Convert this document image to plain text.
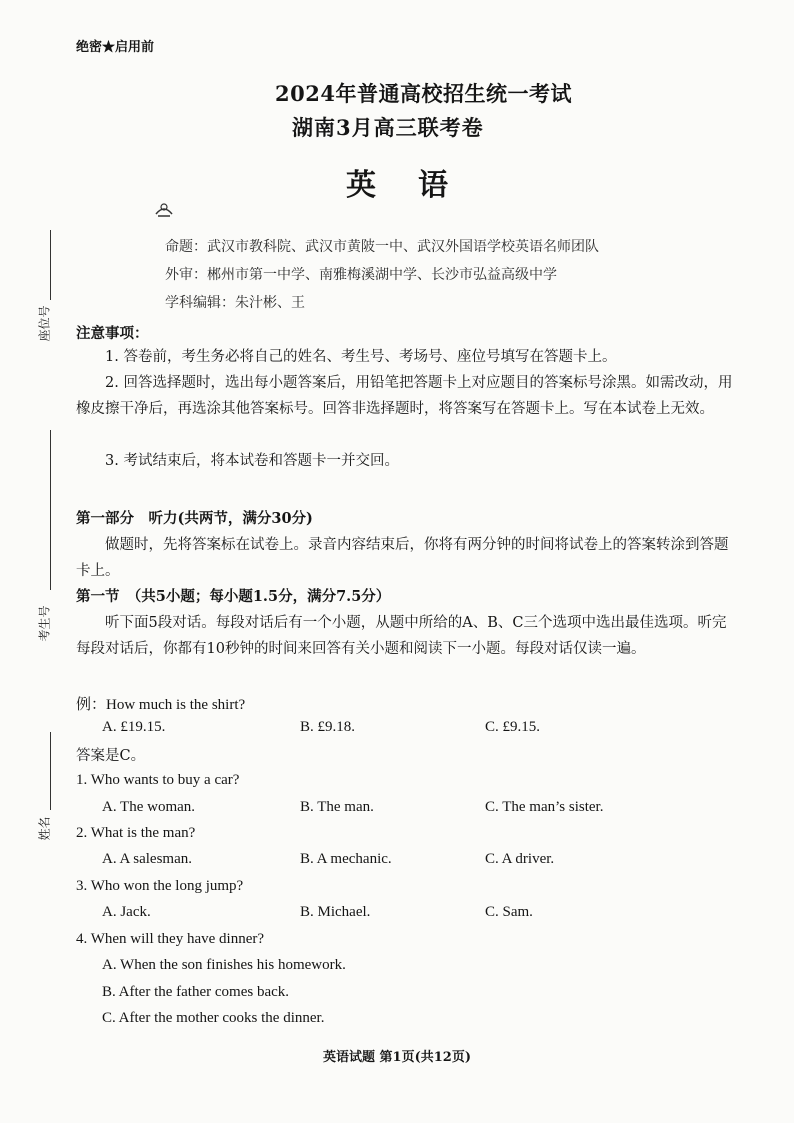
绝密★启用前
2024年普通高校招生统一考试
湖南3月高三联考卷
英语
命题：武汉市教科院、武汉市黄陂一中、武汉外国语学校英语名师团队
外审：郴州市第一中学、南雅梅溪湖中学、长沙市弘益高级中学
学科编辑：朱汁彬、王
座位号
考生号
姓名
注意事项：
1. 答卷前，考生务必将自己的姓名、考生号、考场号、座位号填写在答题卡上。
2. 回答选择题时，选出每小题答案后，用铅笔把答题卡上对应题目的答案标号涂黑。如需改动，用橡皮擦干净后，再选涂其他答案标号。回答非选择题时，将答案写在答题卡上。写在本试卷上无效。
3. 考试结束后，将本试卷和答题卡一并交回。
第一部分　听力(共两节，满分30分)
做题时，先将答案标在试卷上。录音内容结束后，你将有两分钟的时间将试卷上的答案转涂到答题卡上。
第一节　（共5小题；每小题1.5分，满分7.5分）
听下面5段对话。每段对话后有一个小题，从题中所给的A、B、C三个选项中选出最佳选项。听完每段对话后，你都有10秒钟的时间来回答有关小题和阅读下一小题。每段对话仅读一遍。
例：How much is the shirt?
A. £19.15.	B. £9.18.	C. £9.15.
答案是C。
1. Who wants to buy a car?
A. The woman.	B. The man.	C. The man’s sister.
2. What is the man?
A. A salesman.	B. A mechanic.	C. A driver.
3. Who won the long jump?
A. Jack.	B. Michael.	C. Sam.
4. When will they have dinner?
A. When the son finishes his homework.
B. After the father comes back.
C. After the mother cooks the dinner.
英语试题 第1页(共12页)
